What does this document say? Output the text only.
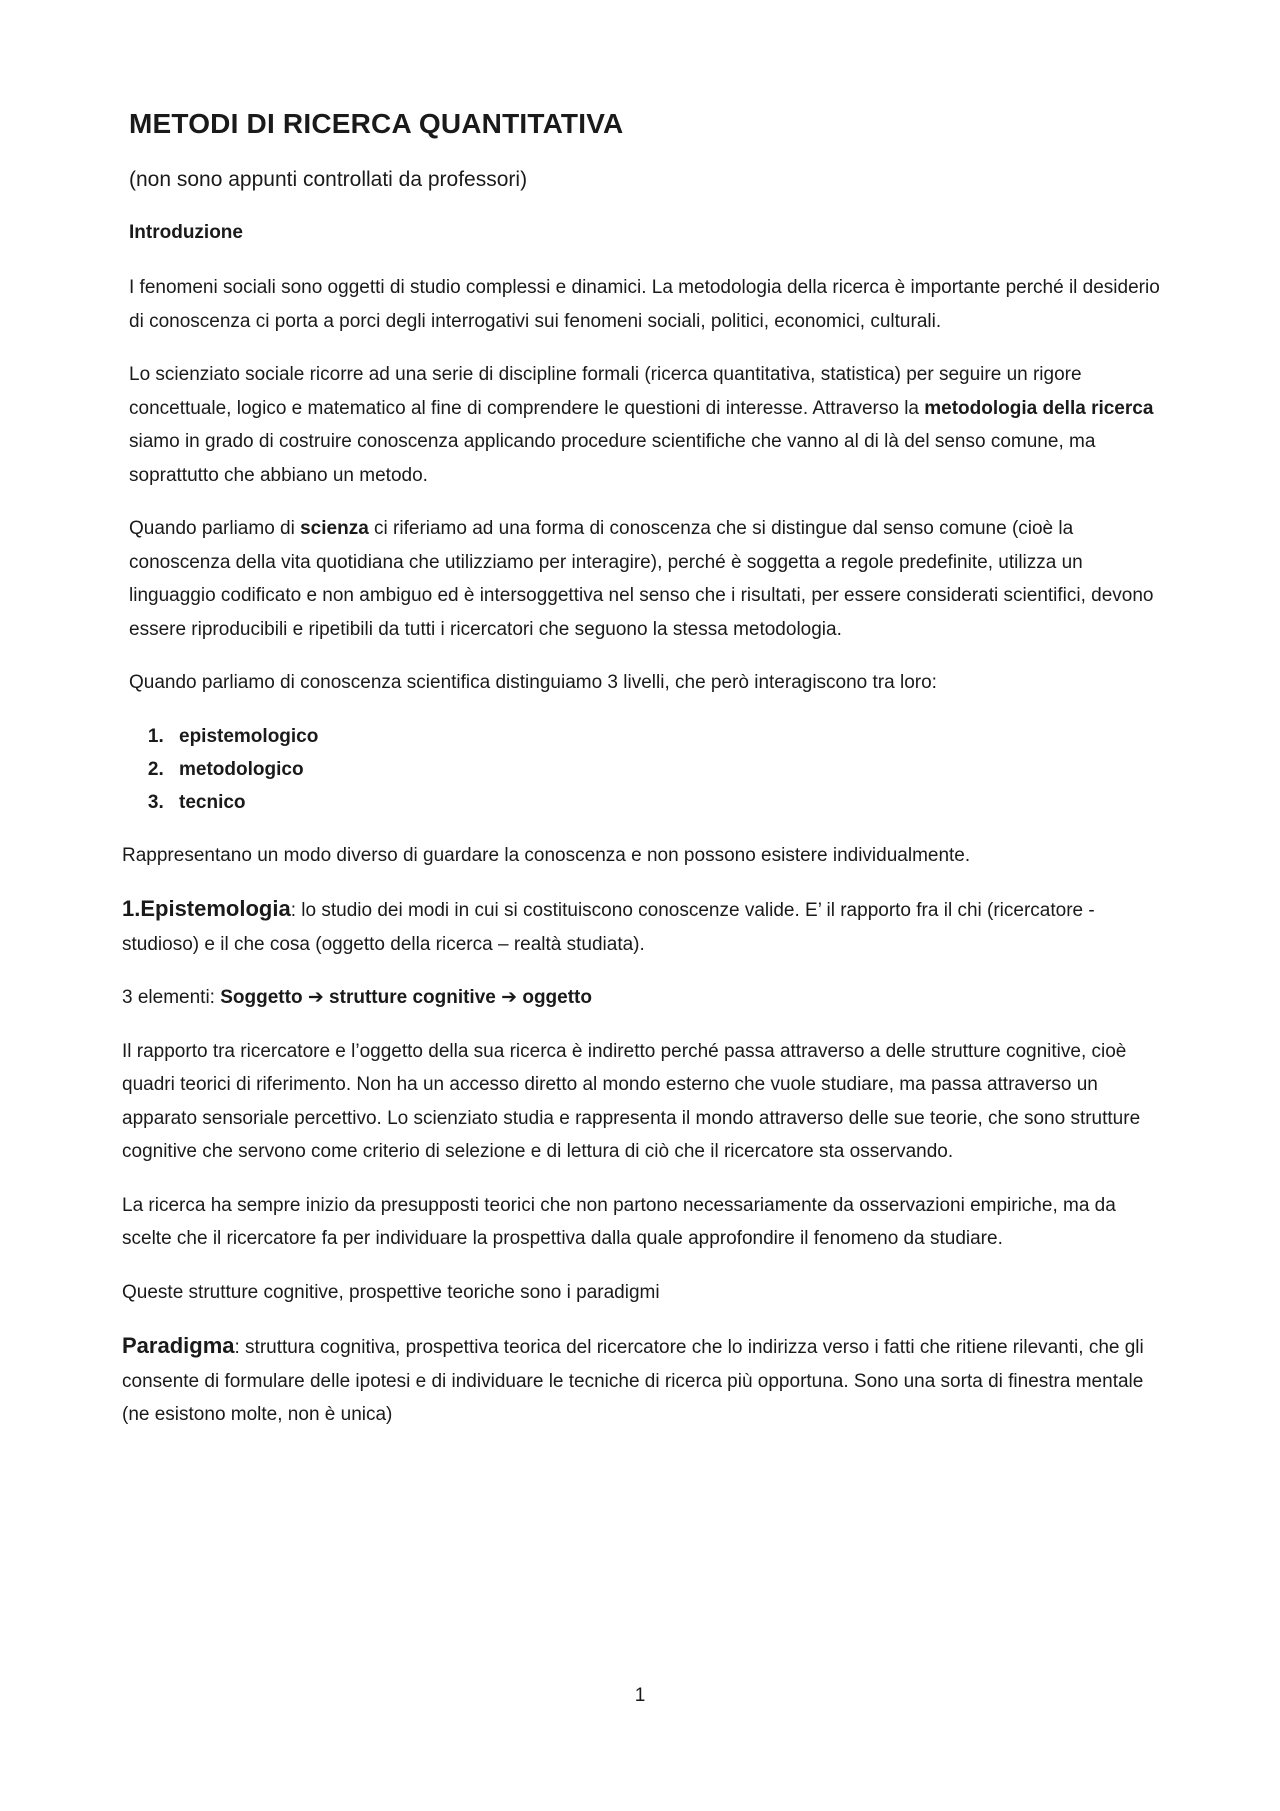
METODI DI RICERCA QUANTITATIVA
(non sono appunti controllati da professori)
Introduzione

I fenomeni sociali sono oggetti di studio complessi e dinamici. La metodologia della ricerca è importante perché il desiderio di conoscenza ci porta a porci degli interrogativi sui fenomeni sociali, politici, economici, culturali.

Lo scienziato sociale ricorre ad una serie di discipline formali (ricerca quantitativa, statistica) per seguire un rigore concettuale, logico e matematico al fine di comprendere le questioni di interesse. Attraverso la metodologia della ricerca siamo in grado di costruire conoscenza applicando procedure scientifiche che vanno al di là del senso comune, ma soprattutto che abbiano un metodo.

Quando parliamo di scienza ci riferiamo ad una forma di conoscenza che si distingue dal senso comune (cioè la conoscenza della vita quotidiana che utilizziamo per interagire), perché è soggetta a regole predefinite, utilizza un linguaggio codificato e non ambiguo ed è intersoggettiva nel senso che i risultati, per essere considerati scientifici, devono essere riproducibili e ripetibili da tutti i ricercatori che seguono la stessa metodologia.

Quando parliamo di conoscenza scientifica distinguiamo 3 livelli, che però interagiscono tra loro:

1. epistemologico
2. metodologico
3. tecnico

Rappresentano un modo diverso di guardare la conoscenza e non possono esistere individualmente.

1.Epistemologia: lo studio dei modi in cui si costituiscono conoscenze valide. E’ il rapporto fra il chi (ricercatore - studioso) e il che cosa (oggetto della ricerca – realtà studiata).

3 elementi: Soggetto ➔ strutture cognitive ➔ oggetto

Il rapporto tra ricercatore e l’oggetto della sua ricerca è indiretto perché passa attraverso a delle strutture cognitive, cioè quadri teorici di riferimento. Non ha un accesso diretto al mondo esterno che vuole studiare, ma passa attraverso un apparato sensoriale percettivo. Lo scienziato studia e rappresenta il mondo attraverso delle sue teorie, che sono strutture cognitive che servono come criterio di selezione e di lettura di ciò che il ricercatore sta osservando.

La ricerca ha sempre inizio da presupposti teorici che non partono necessariamente da osservazioni empiriche, ma da scelte che il ricercatore fa per individuare la prospettiva dalla quale approfondire il fenomeno da studiare.

Queste strutture cognitive, prospettive teoriche sono i paradigmi

Paradigma: struttura cognitiva, prospettiva teorica del ricercatore che lo indirizza verso i fatti che ritiene rilevanti, che gli consente di formulare delle ipotesi e di individuare le tecniche di ricerca più opportuna. Sono una sorta di finestra mentale (ne esistono molte, non è unica)

1
